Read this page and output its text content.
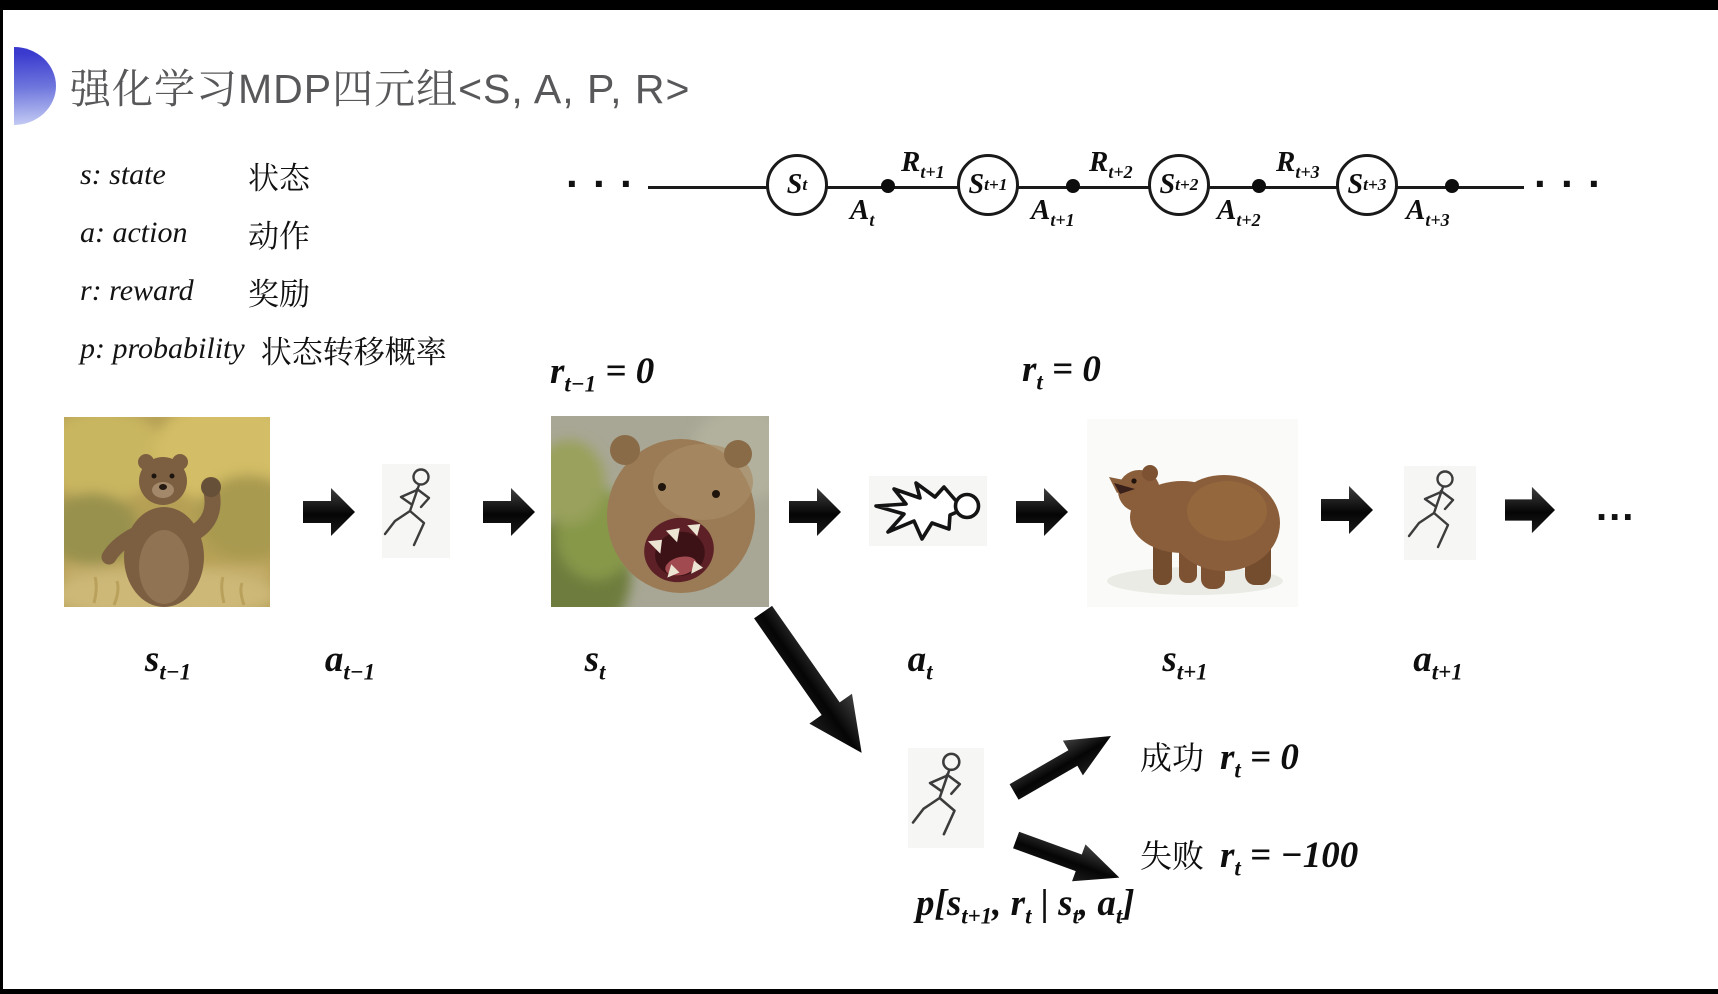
强化学习MDP四元组<S, A, P, R>
s: state	状态
a: action	动作
r: reward	奖励
p: probability 状态转移概率
···	···
S t	S t+1	S t+2	S t+3
$R_{t+1}$	$R_{t+2}$	$R_{t+3}$
$A_t$	$A_{t+1}$	$A_{t+2}$	$A_{t+3}$
$r_{t-1} = 0$	$r_t = 0$
...
$s_{t-1}$	$a_{t-1}$	$s_t$	$a_t$	$s_{t+1}$	$a_{t+1}$
成功 $r_t = 0$
失败 $r_t = -100$
$p[s_{t+1}$, $r_t$ | $s_t$, $a_t$]
